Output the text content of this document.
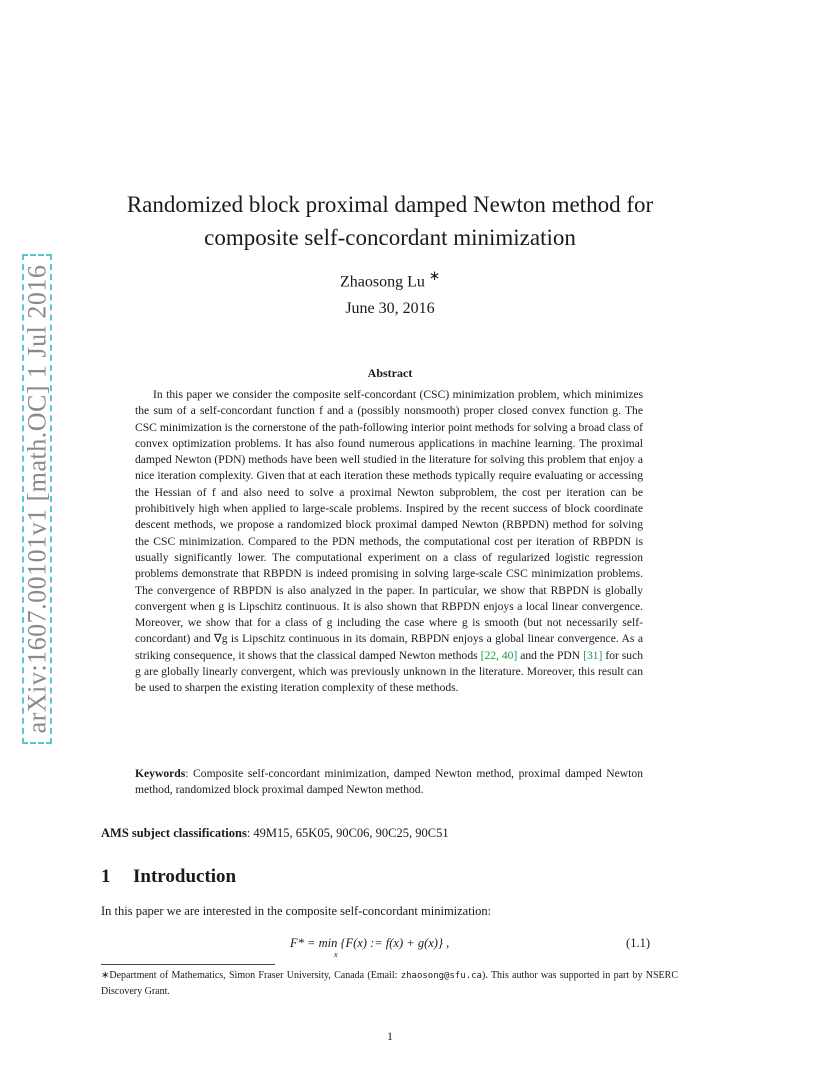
arXiv:1607.00101v1 [math.OC] 1 Jul 2016
Randomized block proximal damped Newton method for composite self-concordant minimization
Zhaosong Lu ∗
June 30, 2016
Abstract

In this paper we consider the composite self-concordant (CSC) minimization problem, which minimizes the sum of a self-concordant function f and a (possibly nonsmooth) proper closed convex function g. The CSC minimization is the cornerstone of the path-following interior point methods for solving a broad class of convex optimization problems. It has also found numerous applications in machine learning. The proximal damped Newton (PDN) methods have been well studied in the literature for solving this problem that enjoy a nice iteration complexity. Given that at each iteration these methods typically require evaluating or accessing the Hessian of f and also need to solve a proximal Newton subproblem, the cost per iteration can be prohibitively high when applied to large-scale problems. Inspired by the recent success of block coordinate descent methods, we propose a randomized block proximal damped Newton (RBPDN) method for solving the CSC minimization. Compared to the PDN methods, the computational cost per iteration of RBPDN is usually significantly lower. The computational experiment on a class of regularized logistic regression problems demonstrate that RBPDN is indeed promising in solving large-scale CSC minimization problems. The convergence of RBPDN is also analyzed in the paper. In particular, we show that RBPDN is globally convergent when g is Lipschitz continuous. It is also shown that RBPDN enjoys a local linear convergence. Moreover, we show that for a class of g including the case where g is smooth (but not necessarily self-concordant) and ∇g is Lipschitz continuous in its domain, RBPDN enjoys a global linear convergence. As a striking consequence, it shows that the classical damped Newton methods [22, 40] and the PDN [31] for such g are globally linearly convergent, which was previously unknown in the literature. Moreover, this result can be used to sharpen the existing iteration complexity of these methods.

Keywords: Composite self-concordant minimization, damped Newton method, proximal damped Newton method, randomized block proximal damped Newton method.

AMS subject classifications: 49M15, 65K05, 90C06, 90C25, 90C51
1 Introduction

In this paper we are interested in the composite self-concordant minimization:

F* = min {F(x) := f(x) + g(x)} ,
x
(1.1)

∗Department of Mathematics, Simon Fraser University, Canada (Email: zhaosong@sfu.ca). This author was supported in part by NSERC Discovery Grant.

1
